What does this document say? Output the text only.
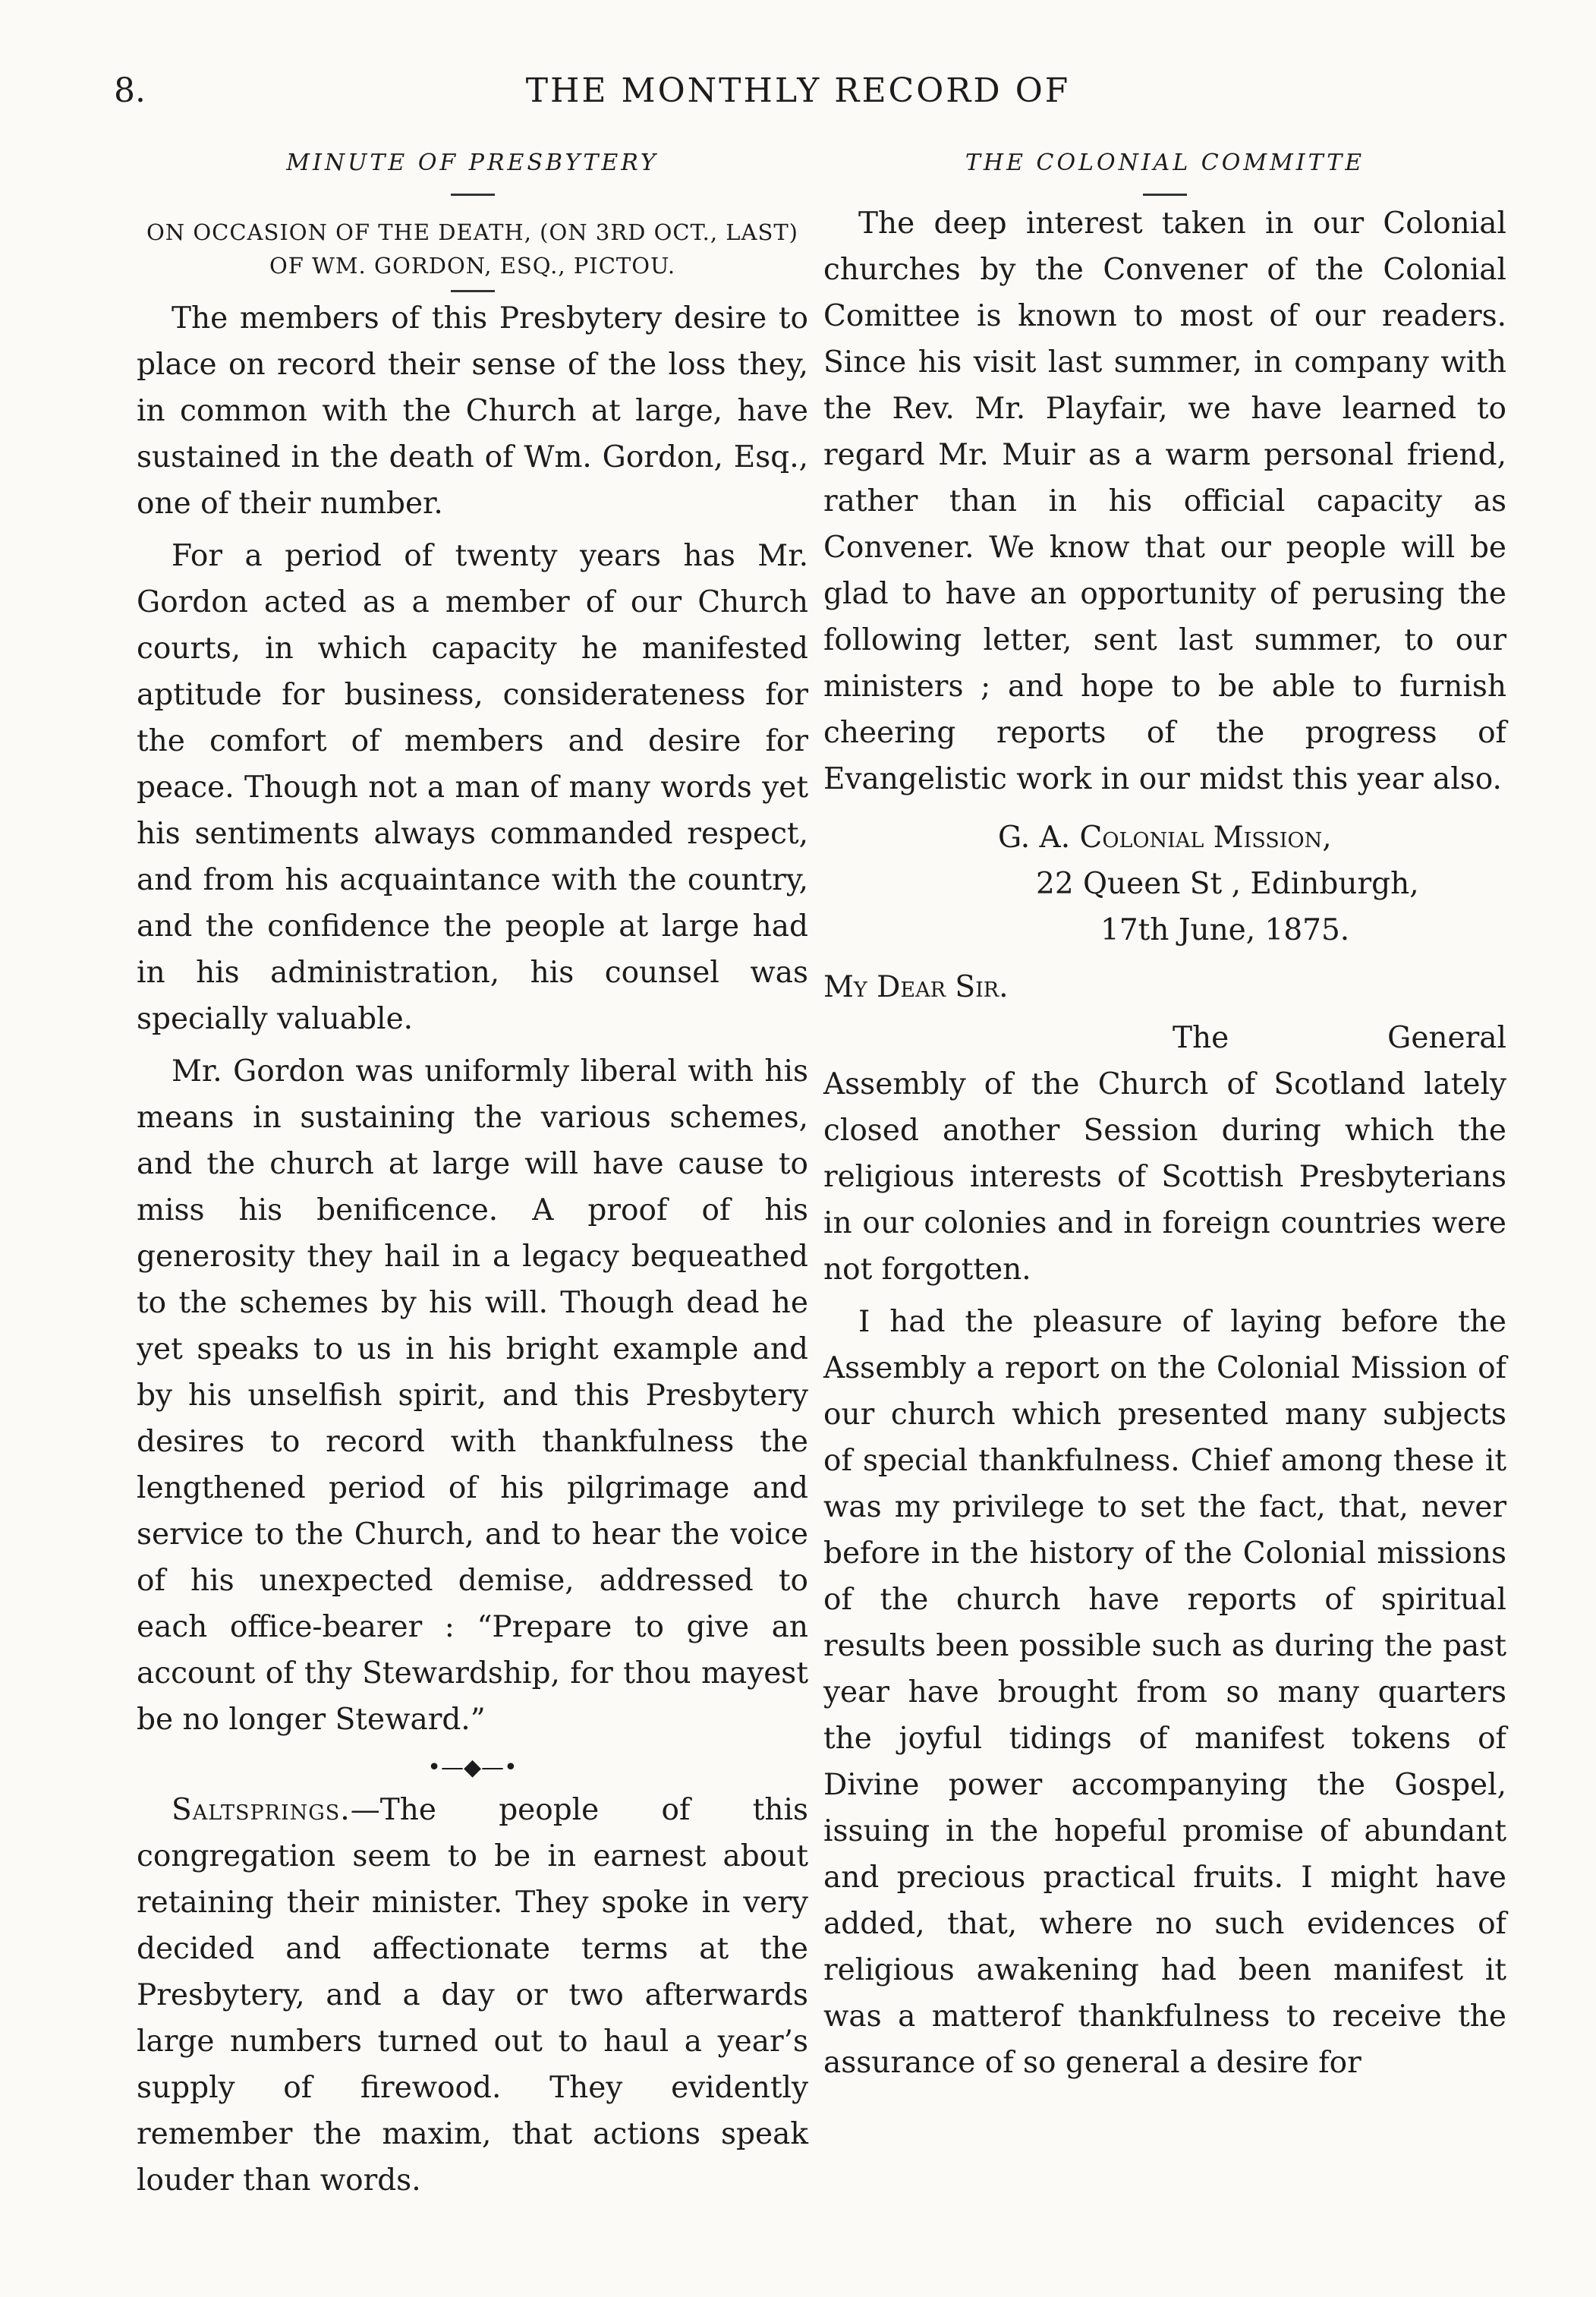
8.	THE MONTHLY RECORD OF
MINUTE OF PRESBYTERY
ON OCCASION OF THE DEATH, (ON 3RD OCT., LAST) OF WM. GORDON, ESQ., PICTOU.

The members of this Presbytery desire to place on record their sense of the loss they, in common with the Church at large, have sustained in the death of Wm. Gordon, Esq., one of their number.

For a period of twenty years has Mr. Gordon acted as a member of our Church courts, in which capacity he manifested aptitude for business, considerateness for the comfort of members and desire for peace. Though not a man of many words yet his sentiments always commanded respect, and from his acquaintance with the country, and the confidence the people at large had in his administration, his counsel was specially valuable.

Mr. Gordon was uniformly liberal with his means in sustaining the various schemes, and the church at large will have cause to miss his benificence. A proof of his generosity they hail in a legacy bequeathed to the schemes by his will. Though dead he yet speaks to us in his bright example and by his unselfish spirit, and this Presbytery desires to record with thankfulness the lengthened period of his pilgrimage and service to the Church, and to hear the voice of his unexpected demise, addressed to each office-bearer : “Prepare to give an account of thy Stewardship, for thou mayest be no longer Steward.”

•—◆—•

Saltsprings.—The people of this congregation seem to be in earnest about retaining their minister. They spoke in very decided and affectionate terms at the Presbytery, and a day or two afterwards large numbers turned out to haul a year’s supply of firewood. They evidently remember the maxim, that actions speak louder than words.

THE COLONIAL COMMITTE

The deep interest taken in our Colonial churches by the Convener of the Colonial Comittee is known to most of our readers. Since his visit last summer, in company with the Rev. Mr. Playfair, we have learned to regard Mr. Muir as a warm personal friend, rather than in his official capacity as Convener. We know that our people will be glad to have an opportunity of perusing the following letter, sent last summer, to our ministers ; and hope to be able to furnish cheering reports of the progress of Evangelistic work in our midst this year also.

G. A. Colonial Mission,
22 Queen St , Edinburgh,
17th June, 1875.

My Dear Sir.

The General Assembly of the Church of Scotland lately closed another Session during which the religious interests of Scottish Presbyterians in our colonies and in foreign countries were not forgotten.

I had the pleasure of laying before the Assembly a report on the Colonial Mission of our church which presented many subjects of special thankfulness. Chief among these it was my privilege to set the fact, that, never before in the history of the Colonial missions of the church have reports of spiritual results been possible such as during the past year have brought from so many quarters the joyful tidings of manifest tokens of Divine power accompanying the Gospel, issuing in the hopeful promise of abundant and precious practical fruits. I might have added, that, where no such evidences of religious awakening had been manifest it was a matterof thankfulness to receive the assurance of so general a desire for
